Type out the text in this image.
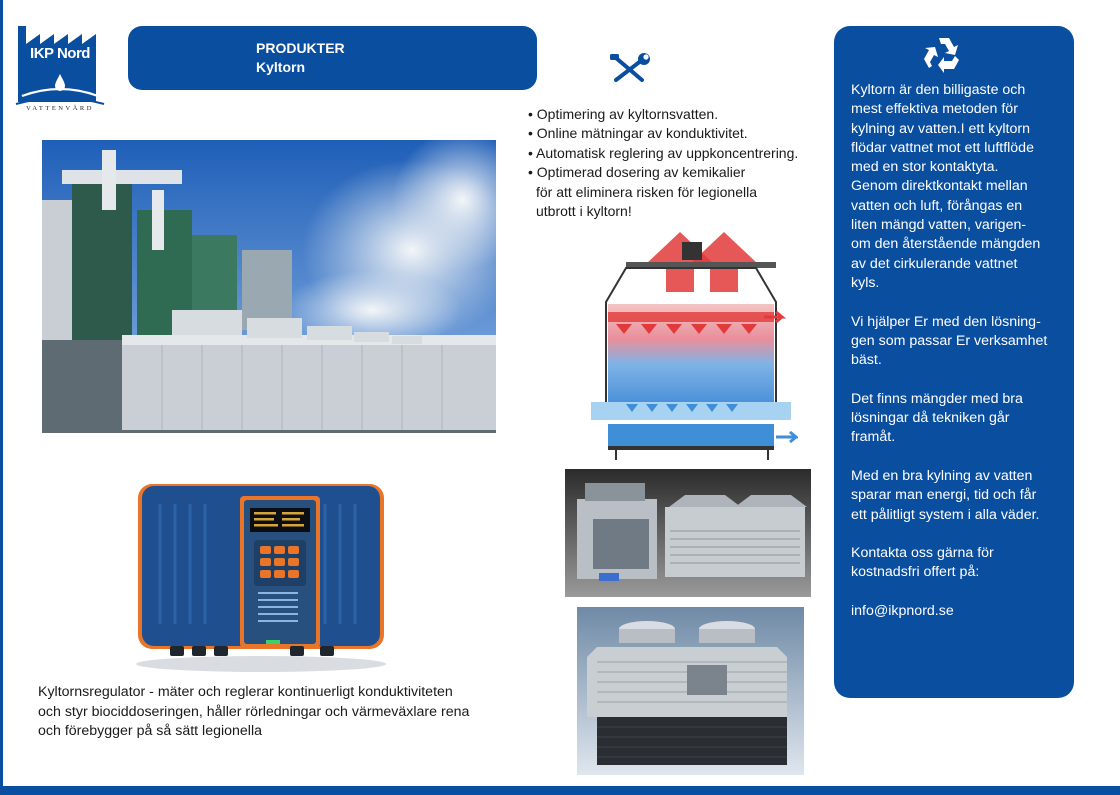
IKP Nord
VATTENVÅRD
PRODUKTER
Kyltorn
• Optimering av kyltornsvatten.
• Online mätningar av konduktivitet.
• Automatisk reglering av uppkoncentrering.
• Optimerad dosering av kemikalier
för att eliminera risken för legionella
utbrott i kyltorn!
Kyltornsregulator - mäter och reglerar kontinuerligt konduktiviteten
och styr biociddoseringen, håller rörledningar och värmeväxlare rena
och förebygger på så sätt legionella
Kyltorn är den billigaste och
mest effektiva metoden för
kylning av vatten.I ett kyltorn
flödar vattnet mot ett luftflöde
med en stor kontaktyta.
Genom direktkontakt mellan
vatten och luft, förångas en
liten mängd vatten, varigen-
om den återstående mängden
av det cirkulerande vattnet
kyls.
Vi hjälper Er med den lösning-
gen som passar Er verksamhet
bäst.
Det finns mängder med bra
lösningar då tekniken går
framåt.
Med en bra kylning av vatten
sparar man energi, tid och får
ett pålitligt system i alla väder.
Kontakta oss gärna för
kostnadsfri offert på:
info@ikpnord.se
